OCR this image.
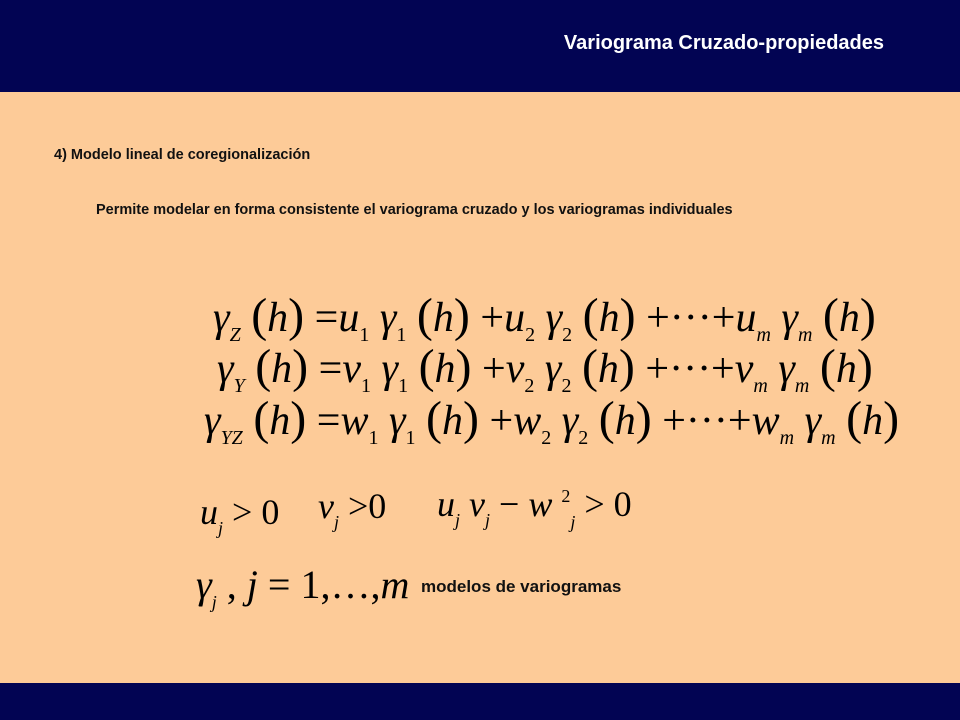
Variograma Cruzado-propiedades
4) Modelo lineal de coregionalización
Permite modelar en forma consistente el variograma cruzado y los variogramas individuales
$\gamma_Z$ $(h) =u_1$ $\gamma_1$ $(h) +u_2$ $\gamma_2$ $(h) +\cdot\cdot\cdot+u_m$ $\gamma_m$ (h)
$\gamma_Y$ $(h) =v_1$ $\gamma_1$ $(h) +v_2$ $\gamma_2$ $(h) +\cdot\cdot\cdot+v_m$ $\gamma_m$ (h)
$\gamma_{YZ}$ $(h) =w_1$ $\gamma_1$ $(h) +w_2$ $\gamma_2$ $(h) +\cdot\cdot\cdot+w_m$ $\gamma_m$ (h)
$u_j > 0$ $v_j >0$ $u_j$ $v_j - w$ $^2$ j > 0
$\gamma_j$ , j = 1,…,m modelos de variogramas
